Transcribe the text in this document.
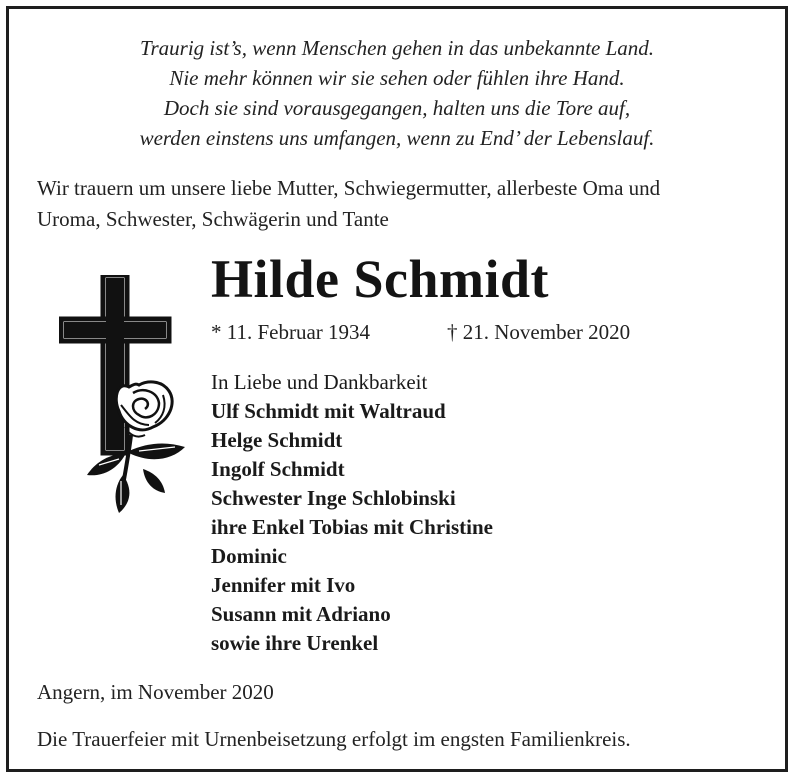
Traurig ist’s, wenn Menschen gehen in das unbekannte Land.
Nie mehr können wir sie sehen oder fühlen ihre Hand.
Doch sie sind vorausgegangen, halten uns die Tore auf,
werden einstens uns umfangen, wenn zu End’ der Lebenslauf.
Wir trauern um unsere liebe Mutter, Schwiegermutter, allerbeste Oma und
Uroma, Schwester, Schwägerin und Tante
Hilde Schmidt
* 11. Februar 1934	† 21. November 2020
In Liebe und Dankbarkeit
Ulf Schmidt mit Waltraud
Helge Schmidt
Ingolf Schmidt
Schwester Inge Schlobinski
ihre Enkel Tobias mit Christine
Dominic
Jennifer mit Ivo
Susann mit Adriano
sowie ihre Urenkel
Angern, im November 2020
Die Trauerfeier mit Urnenbeisetzung erfolgt im engsten Familienkreis.
